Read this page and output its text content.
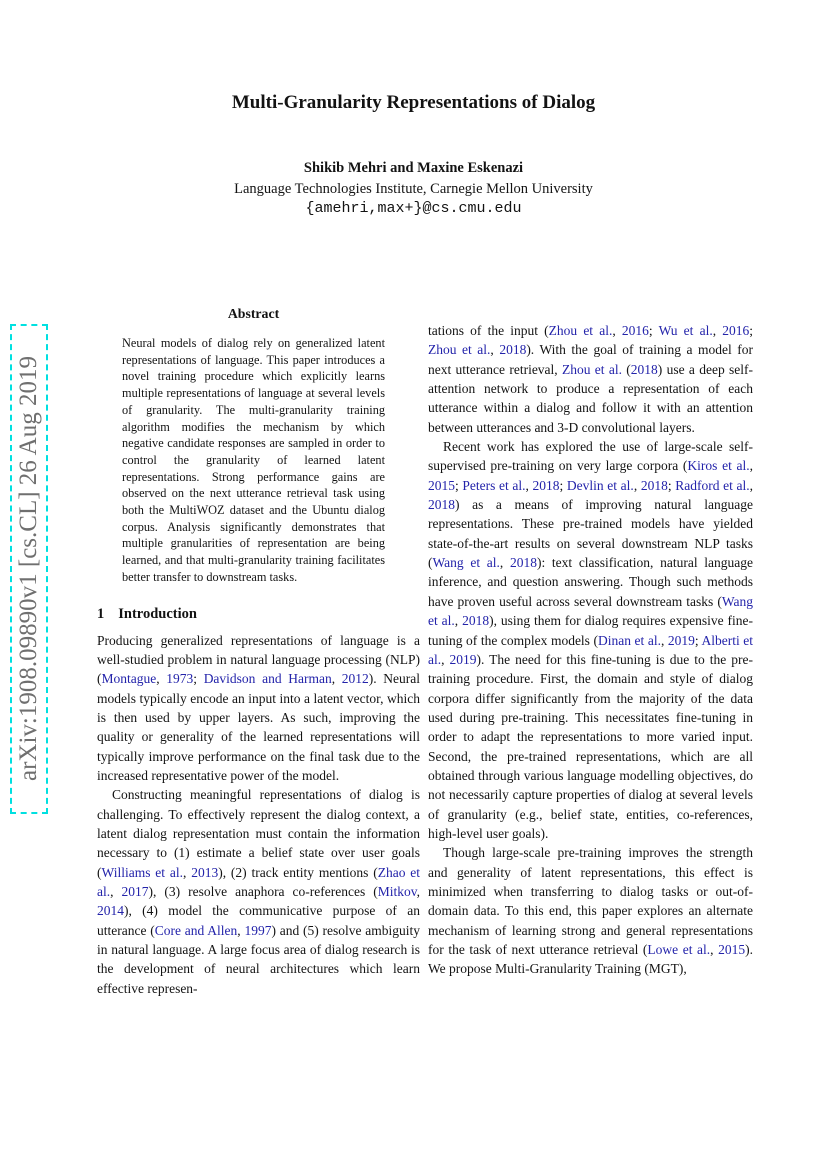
arXiv:1908.09890v1 [cs.CL] 26 Aug 2019
Multi-Granularity Representations of Dialog
Shikib Mehri and Maxine Eskenazi
Language Technologies Institute, Carnegie Mellon University
{amehri,max+}@cs.cmu.edu
Abstract
Neural models of dialog rely on generalized latent representations of language. This paper introduces a novel training procedure which explicitly learns multiple representations of language at several levels of granularity. The multi-granularity training algorithm modifies the mechanism by which negative candidate responses are sampled in order to control the granularity of learned latent representations. Strong performance gains are observed on the next utterance retrieval task using both the MultiWOZ dataset and the Ubuntu dialog corpus. Analysis significantly demonstrates that multiple granularities of representation are being learned, and that multi-granularity training facilitates better transfer to downstream tasks.
1 Introduction

Producing generalized representations of language is a well-studied problem in natural language processing (NLP) (Montague, 1973; Davidson and Harman, 2012). Neural models typically encode an input into a latent vector, which is then used by upper layers. As such, improving the quality or generality of the learned representations will typically improve performance on the final task due to the increased representative power of the model.

Constructing meaningful representations of dialog is challenging. To effectively represent the dialog context, a latent dialog representation must contain the information necessary to (1) estimate a belief state over user goals (Williams et al., 2013), (2) track entity mentions (Zhao et al., 2017), (3) resolve anaphora co-references (Mitkov, 2014), (4) model the communicative purpose of an utterance (Core and Allen, 1997) and (5) resolve ambiguity in natural language. A large focus area of dialog research is the development of neural architectures which learn effective represen-

tations of the input (Zhou et al., 2016; Wu et al., 2016; Zhou et al., 2018). With the goal of training a model for next utterance retrieval, Zhou et al. (2018) use a deep self-attention network to produce a representation of each utterance within a dialog and follow it with an attention between utterances and 3-D convolutional layers.

Recent work has explored the use of large-scale self-supervised pre-training on very large corpora (Kiros et al., 2015; Peters et al., 2018; Devlin et al., 2018; Radford et al., 2018) as a means of improving natural language representations. These pre-trained models have yielded state-of-the-art results on several downstream NLP tasks (Wang et al., 2018): text classification, natural language inference, and question answering. Though such methods have proven useful across several downstream tasks (Wang et al., 2018), using them for dialog requires expensive fine-tuning of the complex models (Dinan et al., 2019; Alberti et al., 2019). The need for this fine-tuning is due to the pre-training procedure. First, the domain and style of dialog corpora differ significantly from the majority of the data used during pre-training. This necessitates fine-tuning in order to adapt the representations to more varied input. Second, the pre-trained representations, which are all obtained through various language modelling objectives, do not necessarily capture properties of dialog at several levels of granularity (e.g., belief state, entities, co-references, high-level user goals).

Though large-scale pre-training improves the strength and generality of latent representations, this effect is minimized when transferring to dialog tasks or out-of-domain data. To this end, this paper explores an alternate mechanism of learning strong and general representations for the task of next utterance retrieval (Lowe et al., 2015). We propose Multi-Granularity Training (MGT),
